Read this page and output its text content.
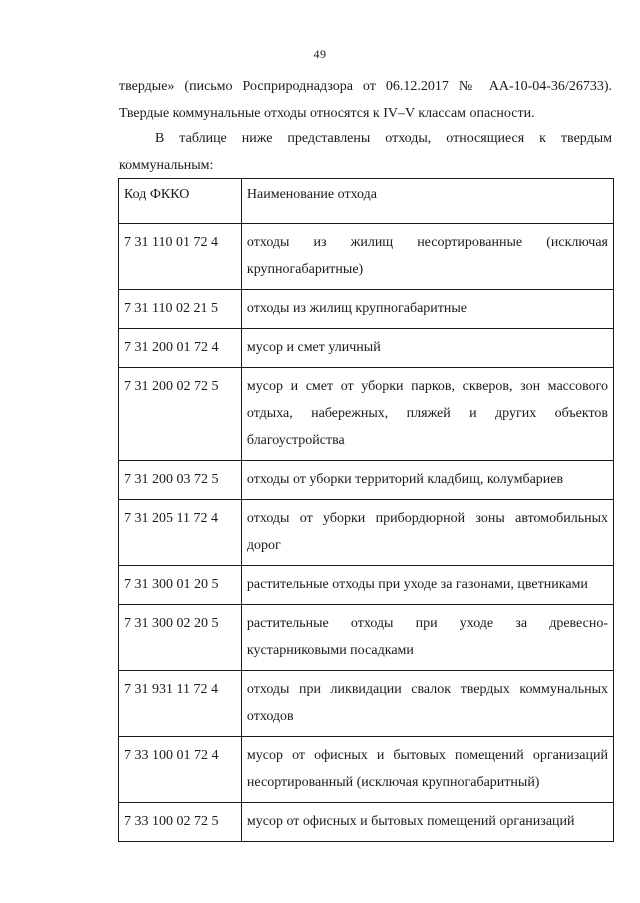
49
твердые» (письмо Росприроднадзора от 06.12.2017 № АА-10-04-36/26733).
Твердые коммунальные отходы относятся к IV–V классам опасности.
В таблице ниже представлены отходы, относящиеся к твердым
коммунальным:
Код ФККО	Наименование отхода
7 31 110 01 72 4	отходы из жилищ несортированные (исключая
крупногабаритные)

7 31 110 02 21 5	отходы из жилищ крупногабаритные

7 31 200 01 72 4	мусор и смет уличный

7 31 200 02 72 5	мусор и смет от уборки парков, скверов, зон массового
отдыха, набережных, пляжей и других объектов
благоустройства

7 31 200 03 72 5	отходы от уборки территорий кладбищ, колумбариев

7 31 205 11 72 4	отходы от уборки прибордюрной зоны автомобильных
дорог

7 31 300 01 20 5	растительные отходы при уходе за газонами, цветниками

7 31 300 02 20 5	растительные отходы при уходе за древесно-
кустарниковыми посадками

7 31 931 11 72 4	отходы при ликвидации свалок твердых коммунальных
отходов

7 33 100 01 72 4	мусор от офисных и бытовых помещений организаций
несортированный (исключая крупногабаритный)

7 33 100 02 72 5	мусор от офисных и бытовых помещений организаций
